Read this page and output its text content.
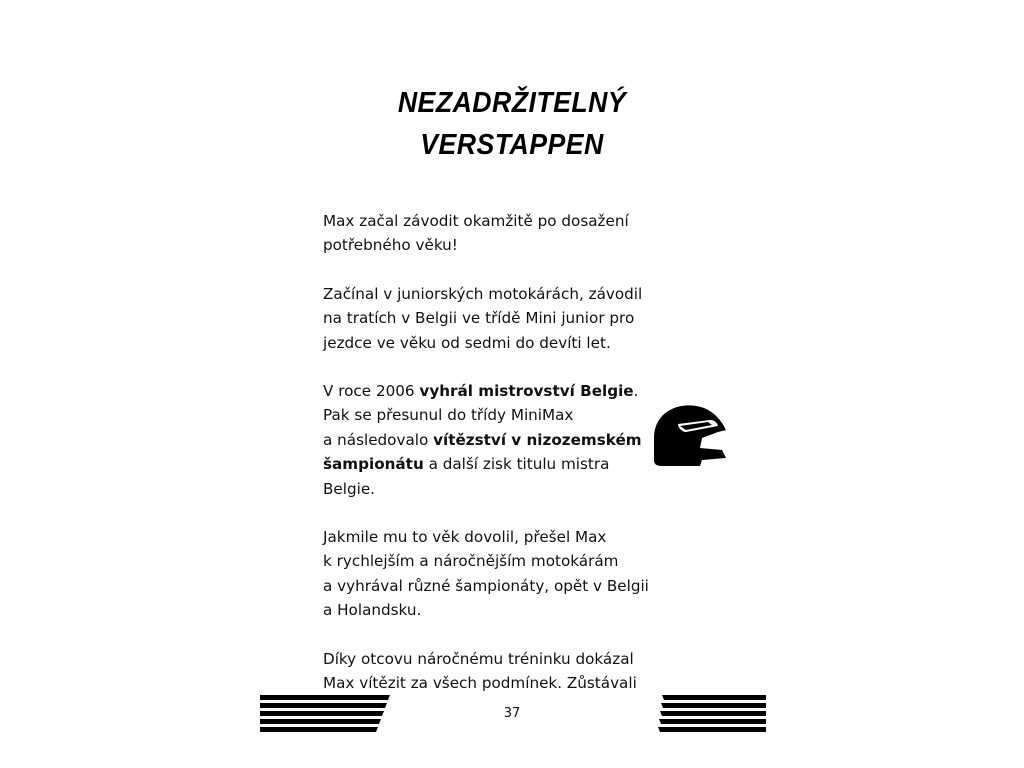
NEZADRŽITELNÝ
VERSTAPPEN
Max začal závodit okamžitě po dosažení
potřebného věku!
Začínal v juniorských motokárách, závodil
na tratích v Belgii ve třídě Mini junior pro
jezdce ve věku od sedmi do devíti let.
V roce 2006 vyhrál mistrovství Belgie.
Pak se přesunul do třídy MiniMax
a následovalo vítězství v nizozemském
šampionátu a další zisk titulu mistra
Belgie.
Jakmile mu to věk dovolil, přešel Max
k rychlejším a náročnějším motokárám
a vyhrával různé šampionáty, opět v Belgii
a Holandsku.
Díky otcovu náročnému tréninku dokázal
Max vítězit za všech podmínek. Zůstávali
37
